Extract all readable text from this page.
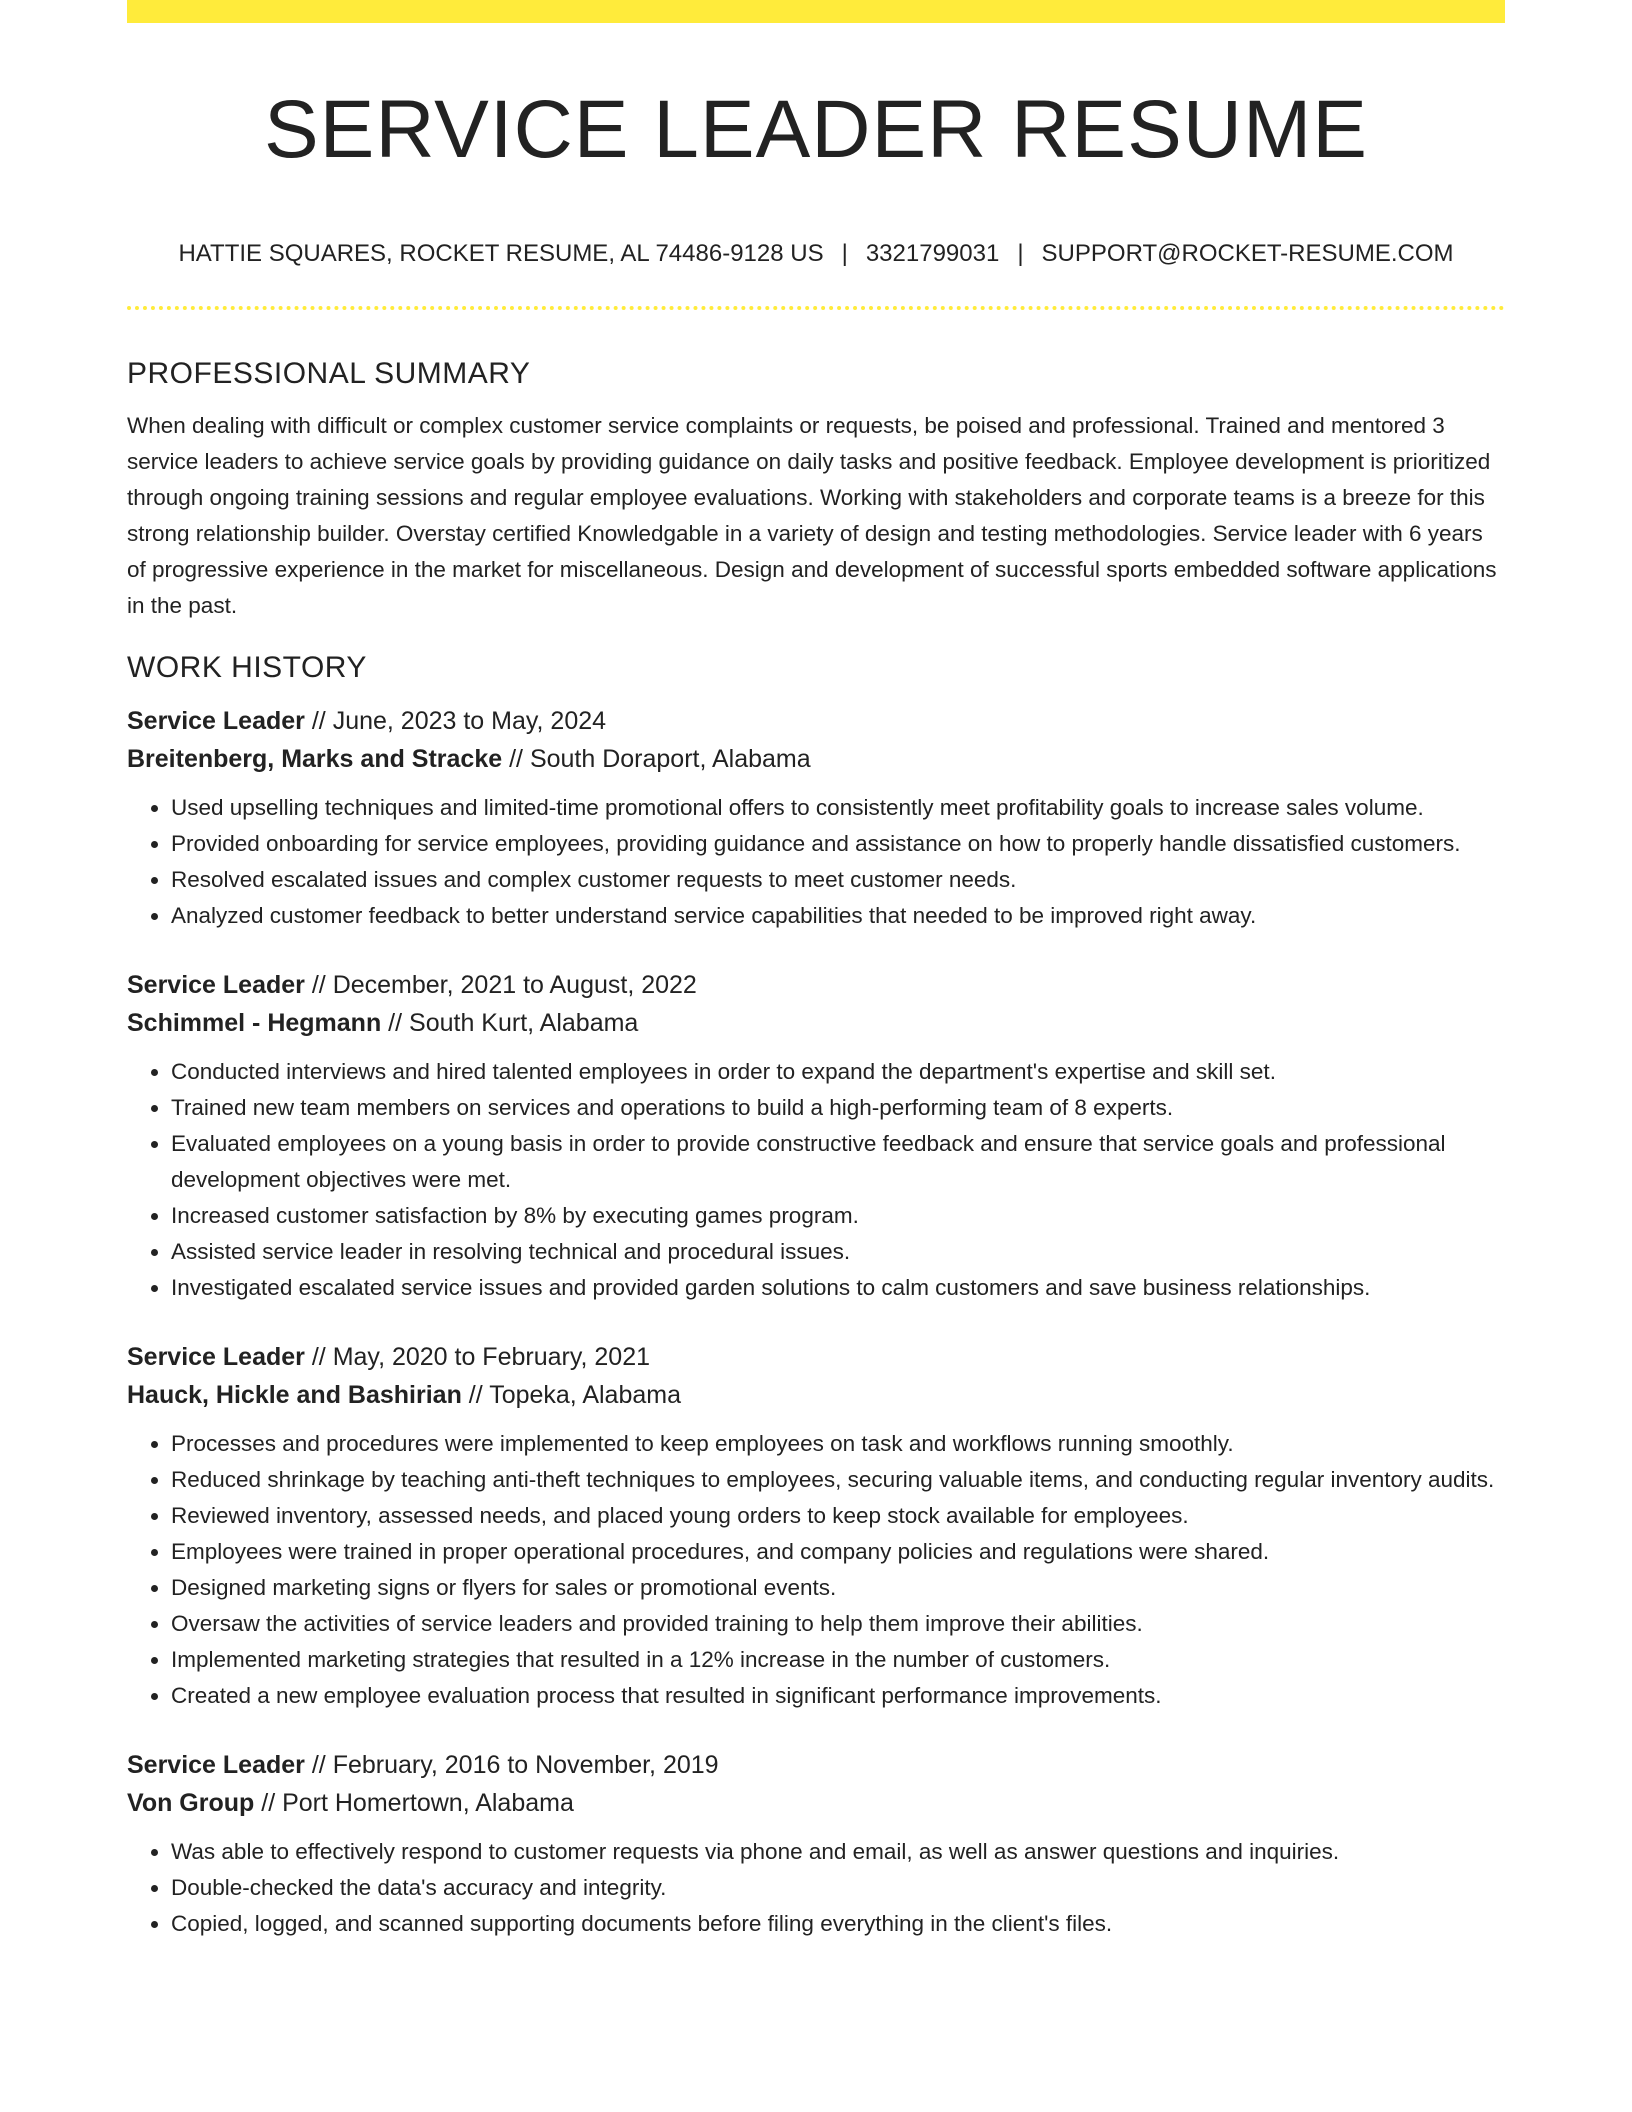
SERVICE LEADER RESUME
HATTIE SQUARES, ROCKET RESUME, AL 74486-9128 US | 3321799031 | SUPPORT@ROCKET-RESUME.COM
PROFESSIONAL SUMMARY

When dealing with difficult or complex customer service complaints or requests, be poised and professional. Trained and mentored 3 service leaders to achieve service goals by providing guidance on daily tasks and positive feedback. Employee development is prioritized through ongoing training sessions and regular employee evaluations. Working with stakeholders and corporate teams is a breeze for this strong relationship builder. Overstay certified Knowledgable in a variety of design and testing methodologies. Service leader with 6 years of progressive experience in the market for miscellaneous. Design and development of successful sports embedded software applications in the past.

WORK HISTORY
Service Leader // June, 2023 to May, 2024
Breitenberg, Marks and Stracke // South Doraport, Alabama
• Used upselling techniques and limited-time promotional offers to consistently meet profitability goals to increase sales volume.
• Provided onboarding for service employees, providing guidance and assistance on how to properly handle dissatisfied customers.
• Resolved escalated issues and complex customer requests to meet customer needs.
• Analyzed customer feedback to better understand service capabilities that needed to be improved right away.
Service Leader // December, 2021 to August, 2022
Schimmel - Hegmann // South Kurt, Alabama
• Conducted interviews and hired talented employees in order to expand the department's expertise and skill set.
• Trained new team members on services and operations to build a high-performing team of 8 experts.
• Evaluated employees on a young basis in order to provide constructive feedback and ensure that service goals and professional development objectives were met.
• Increased customer satisfaction by 8% by executing games program.
• Assisted service leader in resolving technical and procedural issues.
• Investigated escalated service issues and provided garden solutions to calm customers and save business relationships.
Service Leader // May, 2020 to February, 2021
Hauck, Hickle and Bashirian // Topeka, Alabama
• Processes and procedures were implemented to keep employees on task and workflows running smoothly.
• Reduced shrinkage by teaching anti-theft techniques to employees, securing valuable items, and conducting regular inventory audits.
• Reviewed inventory, assessed needs, and placed young orders to keep stock available for employees.
• Employees were trained in proper operational procedures, and company policies and regulations were shared.
• Designed marketing signs or flyers for sales or promotional events.
• Oversaw the activities of service leaders and provided training to help them improve their abilities.
• Implemented marketing strategies that resulted in a 12% increase in the number of customers.
• Created a new employee evaluation process that resulted in significant performance improvements.
Service Leader // February, 2016 to November, 2019
Von Group // Port Homertown, Alabama
• Was able to effectively respond to customer requests via phone and email, as well as answer questions and inquiries.
• Double-checked the data's accuracy and integrity.
• Copied, logged, and scanned supporting documents before filing everything in the client's files.
